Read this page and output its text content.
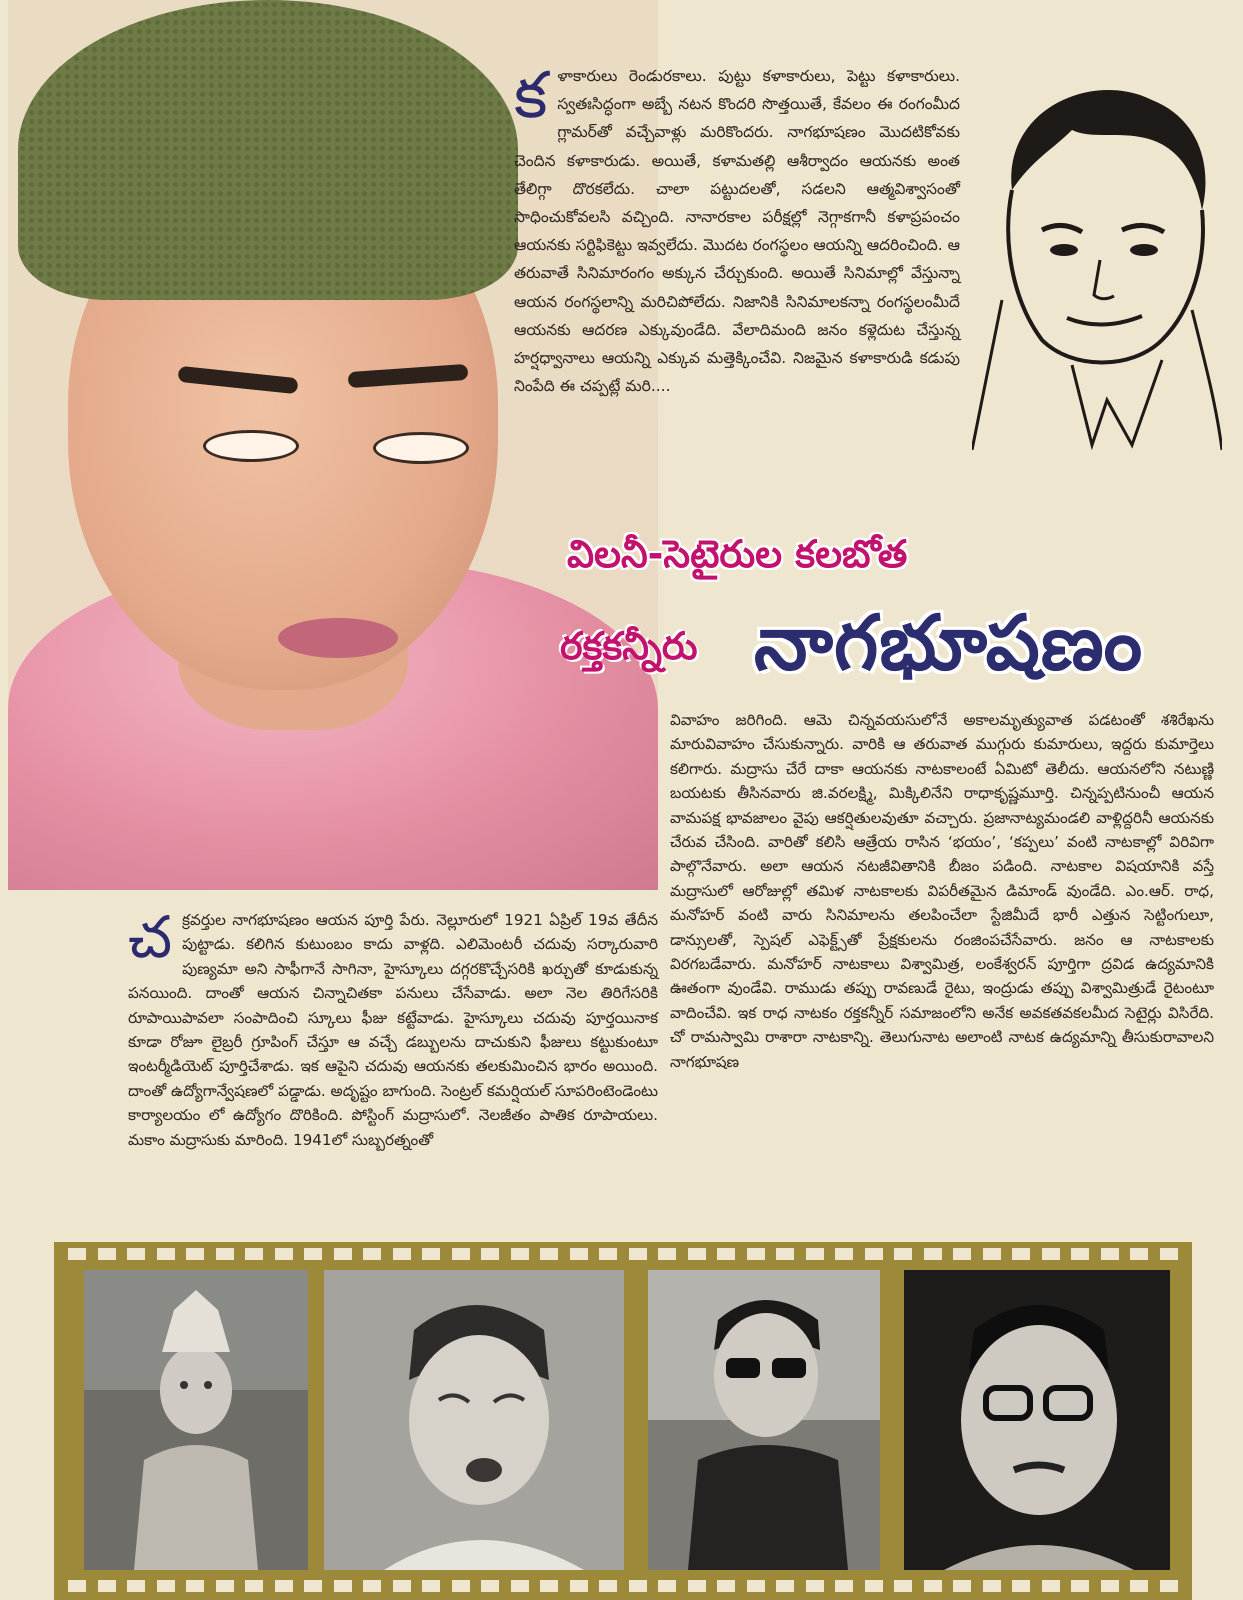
క ళాకారులు రెండురకాలు. పుట్టు కళాకారులు, పెట్టు కళాకారులు. స్వతఃసిద్ధంగా అబ్బే నటన కొందరి సొత్తయితే, కేవలం ఈ రంగంమీద గ్లామర్‌తో వచ్చేవాళ్లు మరికొందరు. నాగభూషణం మొదటికోవకు చెందిన కళాకారుడు. అయితే, కళామతల్లి ఆశీర్వాదం ఆయనకు అంత తేలిగ్గా దొరకలేదు. చాలా పట్టుదలతో, సడలని ఆత్మవిశ్వాసంతో సాధించుకోవలసి వచ్చింది. నానారకాల పరీక్షల్లో నెగ్గాకగానీ కళాప్రపంచం ఆయనకు సర్టిఫికెట్టు ఇవ్వలేదు. మొదట రంగస్థలం ఆయన్ని ఆదరించింది. ఆ తరువాతే సినిమారంగం అక్కున చేర్చుకుంది. అయితే సినిమాల్లో వేస్తున్నా ఆయన రంగస్థలాన్ని మరిచిపోలేదు. నిజానికి సినిమాలకన్నా రంగస్థలంమీదే ఆయనకు ఆదరణ ఎక్కువుండేది. వేలాదిమంది జనం కళ్లెదుట చేస్తున్న హర్షధ్వానాలు ఆయన్ని ఎక్కువ మత్తెక్కించేవి. నిజమైన కళాకారుడి కడుపు నింపేది ఈ చప్పట్లే మరి....
విలనీ-సెటైరుల కలబోత
రక్తకన్నీరు నాగభూషణం
వివాహం జరిగింది. ఆమె చిన్నవయసులోనే అకాలమృత్యువాత పడటంతో శశిరేఖను మారువివాహం చేసుకున్నారు. వారికి ఆ తరువాత ముగ్గురు కుమారులు, ఇద్దరు కుమార్తెలు కలిగారు. మద్రాసు చేరే దాకా ఆయనకు నాటకాలంటే ఏమిటో తెలీదు. ఆయనలోని నటుణ్ణి బయటకు తీసినవారు జి.వరలక్ష్మి, మిక్కిలినేని రాధాకృష్ణమూర్తి. చిన్నప్పటినుంచీ ఆయన వామపక్ష భావజాలం వైపు ఆకర్షితులవుతూ వచ్చారు. ప్రజానాట్యమండలి వాళ్లిద్దరినీ ఆయనకు చేరువ చేసింది. వారితో కలిసి ఆత్రేయ రాసిన ‘భయం’, ‘కప్పలు’ వంటి నాటకాల్లో విరివిగా పాల్గొనేవారు. అలా ఆయన నటజీవితానికి బీజం పడింది. నాటకాల విషయానికి వస్తే మద్రాసులో ఆరోజుల్లో తమిళ నాటకాలకు విపరీతమైన డిమాండ్ వుండేది. ఎం.ఆర్. రాధ, మనోహర్ వంటి వారు సినిమాలను తలపించేలా స్టేజిమీదే భారీ ఎత్తున సెట్టింగులూ, డాన్సులతో, స్పెషల్ ఎఫెక్ట్స్‌తో ప్రేక్షకులను రంజింపచేసేవారు. జనం ఆ నాటకాలకు విరగబడేవారు. మనోహర్ నాటకాలు విశ్వామిత్ర, లంకేశ్వరన్ పూర్తిగా ద్రవిడ ఉద్యమానికి ఊతంగా వుండేవి. రాముడు తప్పు రావణుడే రైటు, ఇంద్రుడు తప్పు విశ్వామిత్రుడే రైటంటూ వాదించేవి. ఇక రాధ నాటకం రక్తకన్నీర్ సమాజంలోని అనేక అవకతవకలమీద సెటైర్లు విసిరేది. చో రామస్వామి రాశారా నాటకాన్ని. తెలుగునాట అలాంటి నాటక ఉద్యమాన్ని తీసుకురావాలని నాగభూషణ
చ క్రవర్తుల నాగభూషణం ఆయన పూర్తి పేరు. నెల్లూరులో 1921 ఏప్రిల్ 19వ తేదీన పుట్టాడు. కలిగిన కుటుంబం కాదు వాళ్లది. ఎలిమెంటరీ చదువు సర్కారువారి పుణ్యమా అని సాఫీగానే సాగినా, హైస్కూలు దగ్గరకొచ్చేసరికి ఖర్చుతో కూడుకున్న పనయింది. దాంతో ఆయన చిన్నాచితకా పనులు చేసేవాడు. అలా నెల తిరిగేసరికి రూపాయిపావలా సంపాదించి స్కూలు ఫీజు కట్టేవాడు. హైస్కూలు చదువు పూర్తయినాక కూడా రోజూ లైబ్రరీ గ్రూపింగ్ చేస్తూ ఆ వచ్చే డబ్బులను దాచుకుని ఫీజులు కట్టుకుంటూ ఇంటర్మీడియెట్ పూర్తిచేశాడు. ఇక ఆపైని చదువు ఆయనకు తలకుమించిన భారం అయింది. దాంతో ఉద్యోగాన్వేషణలో పడ్డాడు. అదృష్టం బాగుంది. సెంట్రల్ కమర్షియల్ సూపరింటెండెంటు కార్యాలయం లో ఉద్యోగం దొరికింది. పోస్టింగ్ మద్రాసులో. నెలజీతం పాతిక రూపాయలు. మకాం మద్రాసుకు మారింది. 1941లో సుబ్బరత్నంతో
